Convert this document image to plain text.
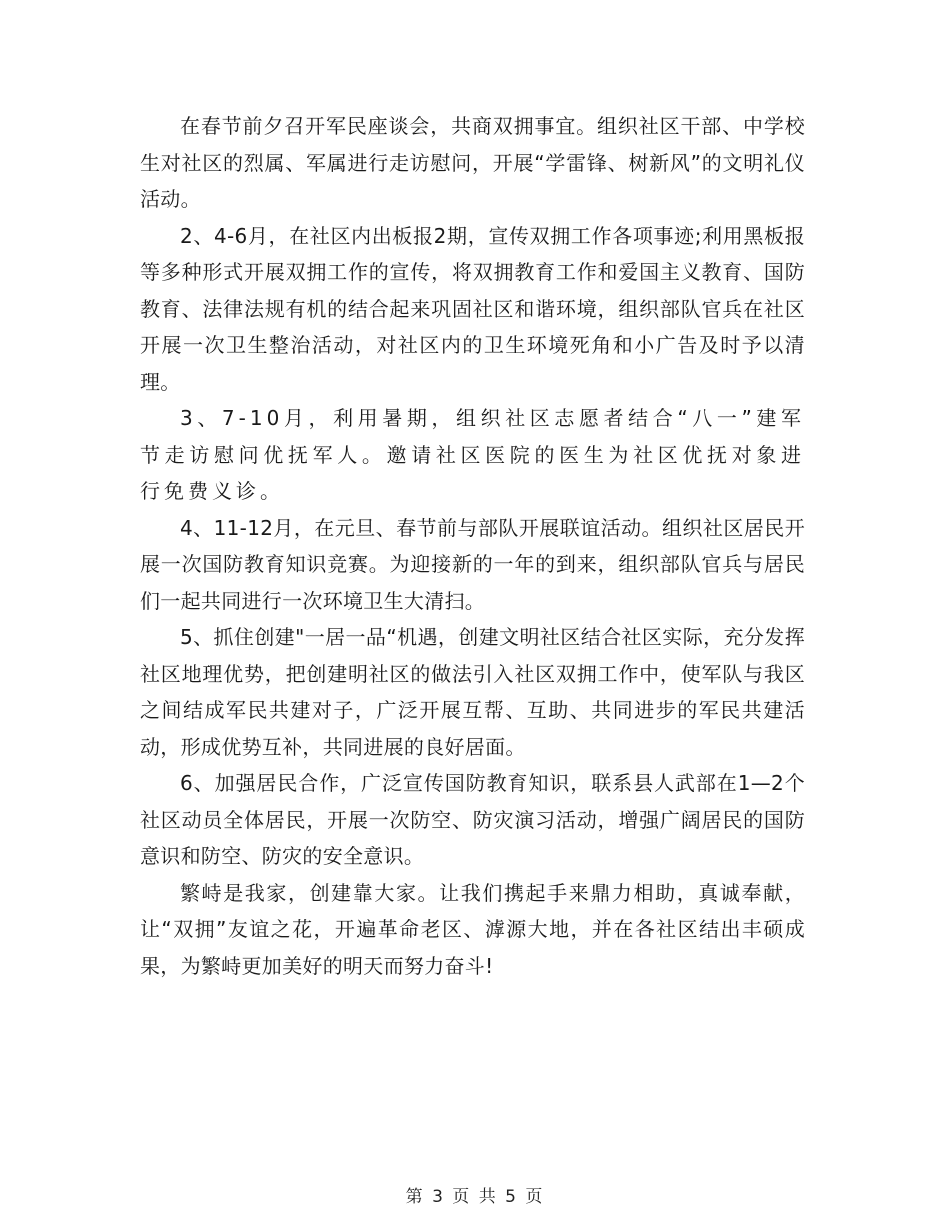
在春节前夕召开军民座谈会，共商双拥事宜。组织社区干部、中学校生对社区的烈属、军属进行走访慰问，开展“学雷锋、树新风”的文明礼仪活动。

2、4-6月，在社区内出板报2期，宣传双拥工作各项事迹;利用黑板报等多种形式开展双拥工作的宣传，将双拥教育工作和爱国主义教育、国防教育、法律法规有机的结合起来巩固社区和谐环境，组织部队官兵在社区开展一次卫生整治活动，对社区内的卫生环境死角和小广告及时予以清理。

3、7-10月，利用暑期，组织社区志愿者结合“八一”建军节走访慰问优抚军人。邀请社区医院的医生为社区优抚对象进行免费义诊。

4、11-12月，在元旦、春节前与部队开展联谊活动。组织社区居民开展一次国防教育知识竞赛。为迎接新的一年的到来，组织部队官兵与居民们一起共同进行一次环境卫生大清扫。

5、抓住创建"一居一品“机遇，创建文明社区结合社区实际，充分发挥社区地理优势，把创建明社区的做法引入社区双拥工作中，使军队与我区之间结成军民共建对子，广泛开展互帮、互助、共同进步的军民共建活动，形成优势互补，共同进展的良好居面。

6、加强居民合作，广泛宣传国防教育知识，联系县人武部在1—2个社区动员全体居民，开展一次防空、防灾演习活动，增强广阔居民的国防意识和防空、防灾的安全意识。

繁峙是我家，创建靠大家。让我们携起手来鼎力相助，真诚奉献，让“双拥”友谊之花，开遍革命老区、滹源大地，并在各社区结出丰硕成果，为繁峙更加美好的明天而努力奋斗!

第 3 页 共 5 页
